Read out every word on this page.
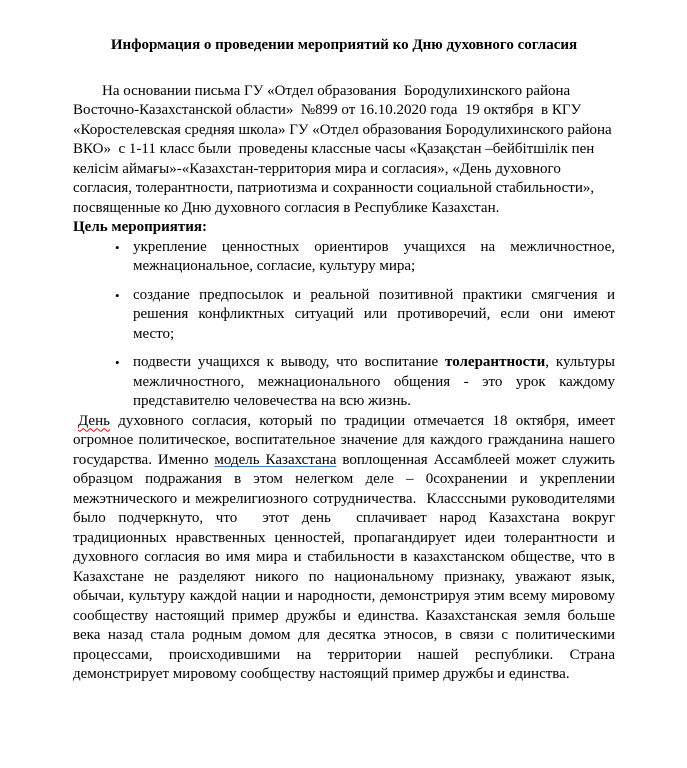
Информация о проведении мероприятий ко Дню духовного согласия

На основании письма ГУ «Отдел образования  Бородулихинского района Восточно-Казахстанской области»  №899 от 16.10.2020 года  19 октября  в КГУ «Коростелевская средняя школа» ГУ «Отдел образования Бородулихинского района ВКО»  с 1-11 класс были  проведены классные часы «Қазақстан –бейбітшілік пен келісім аймағы»-«Казахстан-территория мира и согласия», «День духовного согласия, толерантности, патриотизма и сохранности социальной стабильности»,  посвященные ко Дню духовного согласия в Республике Казахстан.

Цель мероприятия:

• укрепление ценностных ориентиров учащихся на межличностное, межнациональное, согласие, культуру мира;
• создание предпосылок и реальной позитивной практики смягчения и решения конфликтных ситуаций или противоречий, если они имеют место;
• подвести учащихся к выводу, что воспитание толерантности, культуры межличностного, межнационального общения - это урок каждому представителю человечества на всю жизнь.

День духовного согласия, который по традиции отмечается 18 октября, имеет огромное политическое, воспитательное значение для каждого гражданина нашего государства. Именно модель Казахстана воплощенная Ассамблеей может служить образцом подражания в этом нелегком деле – 0сохранении и укреплении межэтнического и межрелигиозного сотрудничества.  Класссными руководителями было подчеркнуто, что  этот день  сплачивает народ Казахстана вокруг традиционных нравственных ценностей, пропагандирует идеи толерантности и духовного согласия во имя мира и стабильности в казахстанском обществе, что в Казахстане не разделяют никого по национальному признаку, уважают язык, обычаи, культуру каждой нации и народности, демонстрируя этим всему мировому сообществу настоящий пример дружбы и единства. Казахстанская земля больше века назад стала родным домом для десятка этносов, в связи с политическими процессами, происходившими на территории нашей республики. Страна демонстрирует мировому сообществу настоящий пример дружбы и единства.
